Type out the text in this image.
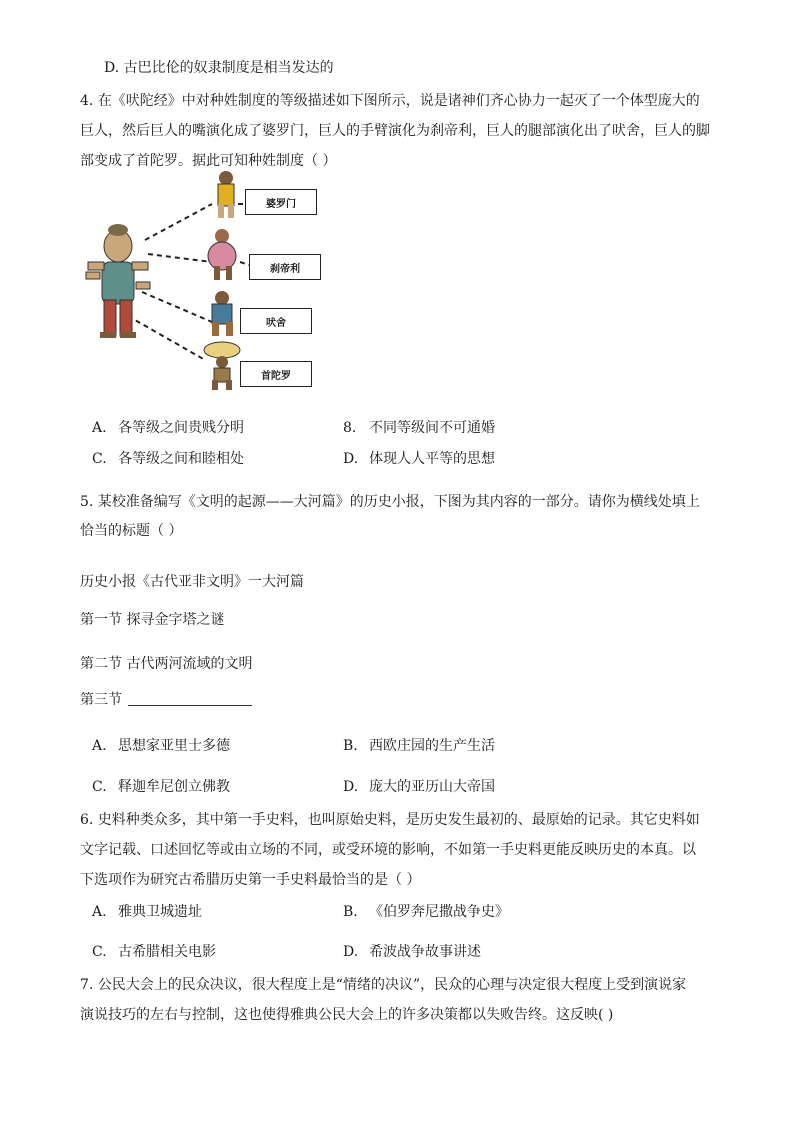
D. 古巴比伦的奴隶制度是相当发达的
4. 在《吠陀经》中对种姓制度的等级描述如下图所示，说是诸神们齐心协力一起灭了一个体型庞大的
巨人，然后巨人的嘴演化成了婆罗门，巨人的手臂演化为刹帝利，巨人的腿部演化出了吠舍，巨人的脚
部变成了首陀罗。据此可知种姓制度（ ）
婆罗门
刹帝利
吠舍
首陀罗
A. 各等级之间贵贱分明	8. 不同等级间不可通婚
C. 各等级之间和睦相处	D. 体现人人平等的思想
5. 某校准备编写《文明的起源——大河篇》的历史小报，下图为其内容的一部分。请你为横线处填上
恰当的标题（ ）
历史小报《古代亚非文明》一大河篇
第一节 探寻金字塔之谜
第二节 古代两河流域的文明
第三节
A. 思想家亚里士多德	B. 西欧庄园的生产生活
C. 释迦牟尼创立佛教	D. 庞大的亚历山大帝国
6. 史料种类众多，其中第一手史料，也叫原始史料，是历史发生最初的、最原始的记录。其它史料如
文字记载、口述回忆等或由立场的不同，或受环境的影响，不如第一手史料更能反映历史的本真。以
下选项作为研究古希腊历史第一手史料最恰当的是（ ）
A. 雅典卫城遗址	B. 《伯罗奔尼撒战争史》
C. 古希腊相关电影	D. 希波战争故事讲述
7. 公民大会上的民众决议，很大程度上是“情绪的决议”，民众的心理与决定很大程度上受到演说家
演说技巧的左右与控制，这也使得雅典公民大会上的许多决策都以失败告终。这反映( )
